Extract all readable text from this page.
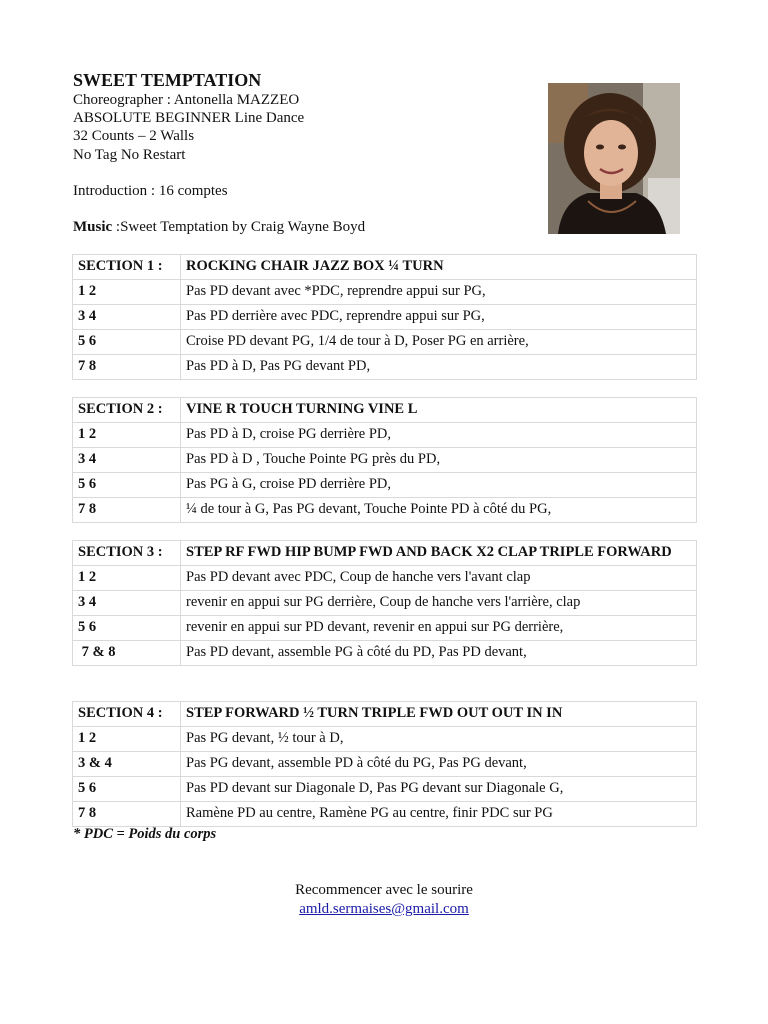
SWEET TEMPTATION
Choreographer : Antonella MAZZEO
ABSOLUTE BEGINNER Line Dance
32 Counts – 2 Walls
No Tag No Restart
Introduction : 16 comptes
Music :Sweet Temptation by Craig Wayne Boyd
SECTION 1 :	ROCKING CHAIR JAZZ BOX ¼ TURN
1 2	Pas PD devant avec *PDC, reprendre appui sur PG,
3 4	Pas PD derrière avec PDC, reprendre appui sur PG,
5 6	Croise PD devant PG, 1/4 de tour à D, Poser PG en arrière,
7 8	Pas PD à D, Pas PG devant PD,
SECTION 2 :	VINE R TOUCH TURNING VINE L
1 2	Pas PD à D, croise PG derrière PD,
3 4	Pas PD à D , Touche Pointe PG près du PD,
5 6	Pas PG à G, croise PD derrière PD,
7 8	¼ de tour à G, Pas PG devant, Touche Pointe PD à côté du PG,
SECTION 3 :	STEP RF FWD HIP BUMP FWD AND BACK X2 CLAP TRIPLE FORWARD
1 2	Pas PD devant avec PDC, Coup de hanche vers l'avant clap
3 4	revenir en appui sur PG derrière, Coup de hanche vers l'arrière, clap
5 6	revenir en appui sur PD devant, revenir en appui sur PG derrière,
7 & 8	Pas PD devant, assemble PG à côté du PD, Pas PD devant,
SECTION 4 :	STEP FORWARD ½ TURN TRIPLE FWD OUT OUT IN IN
1 2	Pas PG devant, ½ tour à D,
3 & 4	Pas PG devant, assemble PD à côté du PG, Pas PG devant,
5 6	Pas PD devant sur Diagonale D, Pas PG devant sur Diagonale G,
7 8	Ramène PD au centre, Ramène PG au centre, finir PDC sur PG
* PDC = Poids du corps
Recommencer avec le sourire
amld.sermaises@gmail.com
